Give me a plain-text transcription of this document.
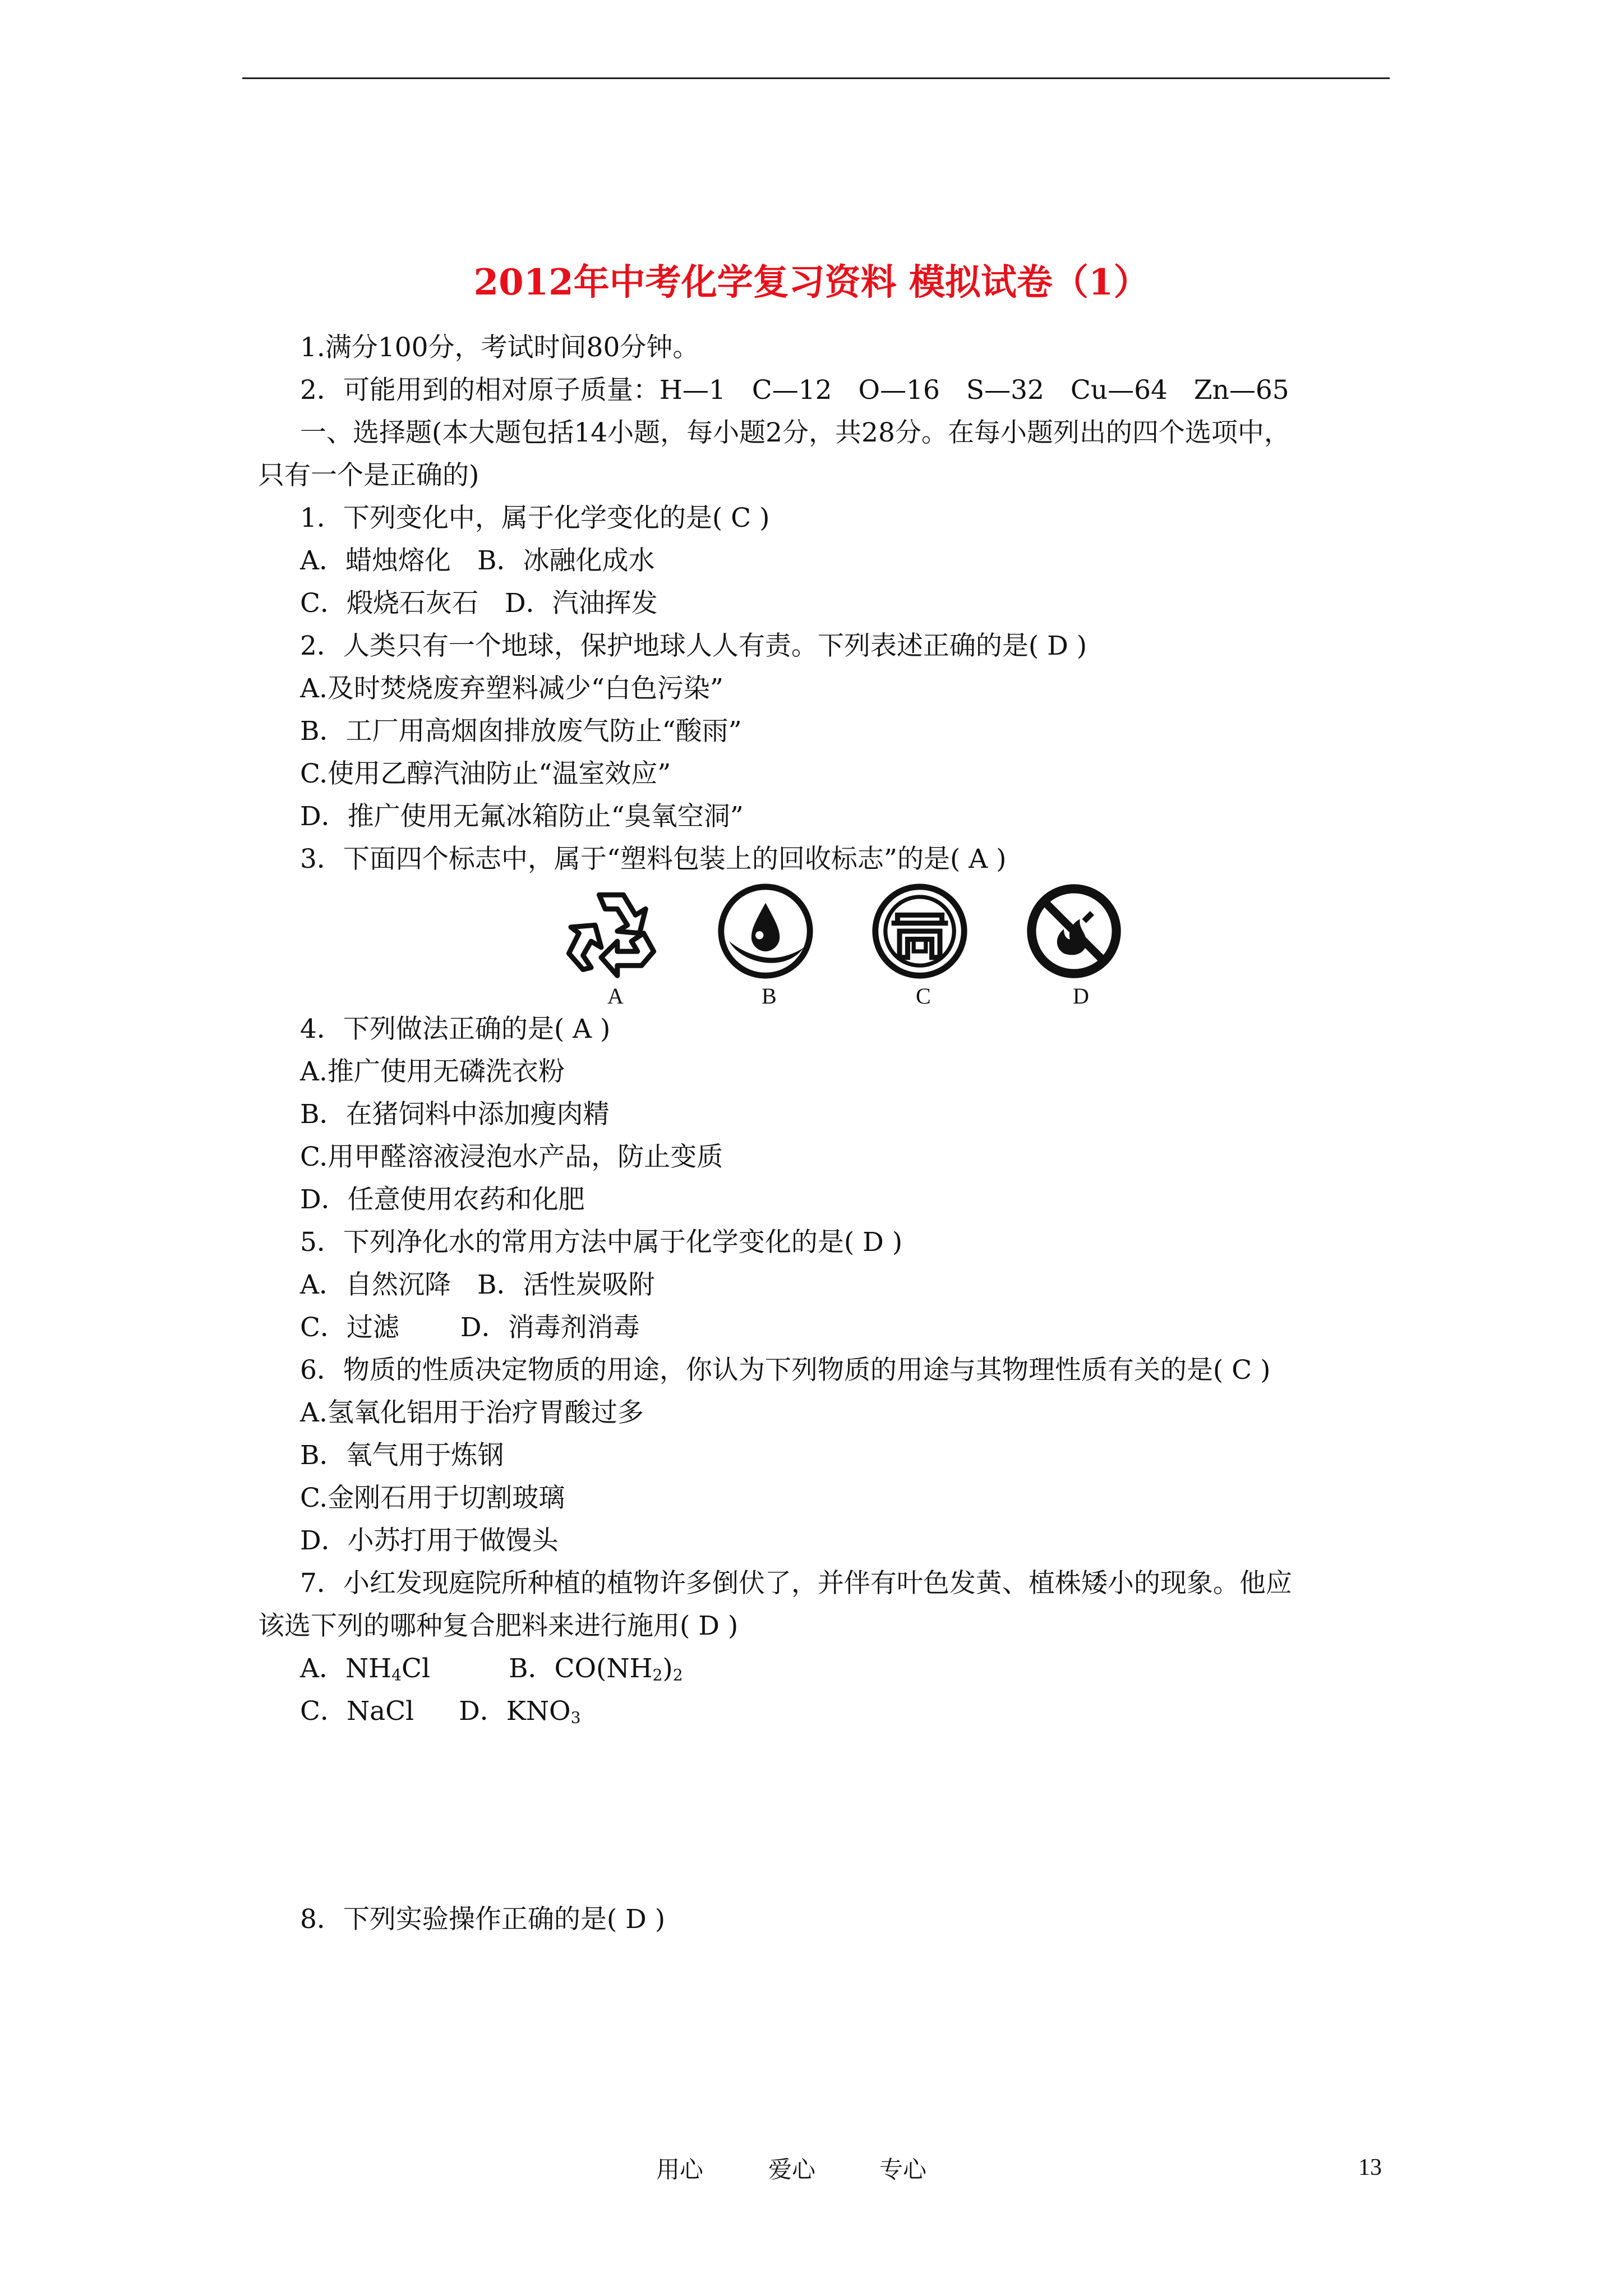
2012年中考化学复习资料 模拟试卷（1）
1.满分100分，考试时间80分钟。
2．可能用到的相对原子质量：H—1　C—12　O—16　S—32　Cu—64　Zn—65
一、选择题(本大题包括14小题，每小题2分，共28分。在每小题列出的四个选项中，
只有一个是正确的)
1．下列变化中，属于化学变化的是( C )
A．蜡烛熔化　B．冰融化成水
C．煅烧石灰石　D．汽油挥发
2．人类只有一个地球，保护地球人人有责。下列表述正确的是( D )
A.及时焚烧废弃塑料减少“白色污染”
B．工厂用高烟囱排放废气防止“酸雨”
C.使用乙醇汽油防止“温室效应”
D．推广使用无氟冰箱防止“臭氧空洞”
3．下面四个标志中，属于“塑料包装上的回收标志”的是( A )
A	B	C	D
4．下列做法正确的是( A )
A.推广使用无磷洗衣粉
B．在猪饲料中添加瘦肉精
C.用甲醛溶液浸泡水产品，防止变质
D．任意使用农药和化肥
5．下列净化水的常用方法中属于化学变化的是( D )
A．自然沉降　B．活性炭吸附
C．过滤　　 D．消毒剂消毒
6．物质的性质决定物质的用途，你认为下列物质的用途与其物理性质有关的是( C )
A.氢氧化铝用于治疗胃酸过多
B．氧气用于炼钢
C.金刚石用于切割玻璃
D．小苏打用于做馒头
7．小红发现庭院所种植的植物许多倒伏了，并伴有叶色发黄、植株矮小的现象。他应
该选下列的哪种复合肥料来进行施用( D )
A．$NH_4Cl$	B．$CO(NH_2)_2$
C．NaCl D．$KNO_3$
8．下列实验操作正确的是( D )
用心	爱心	专心	13
